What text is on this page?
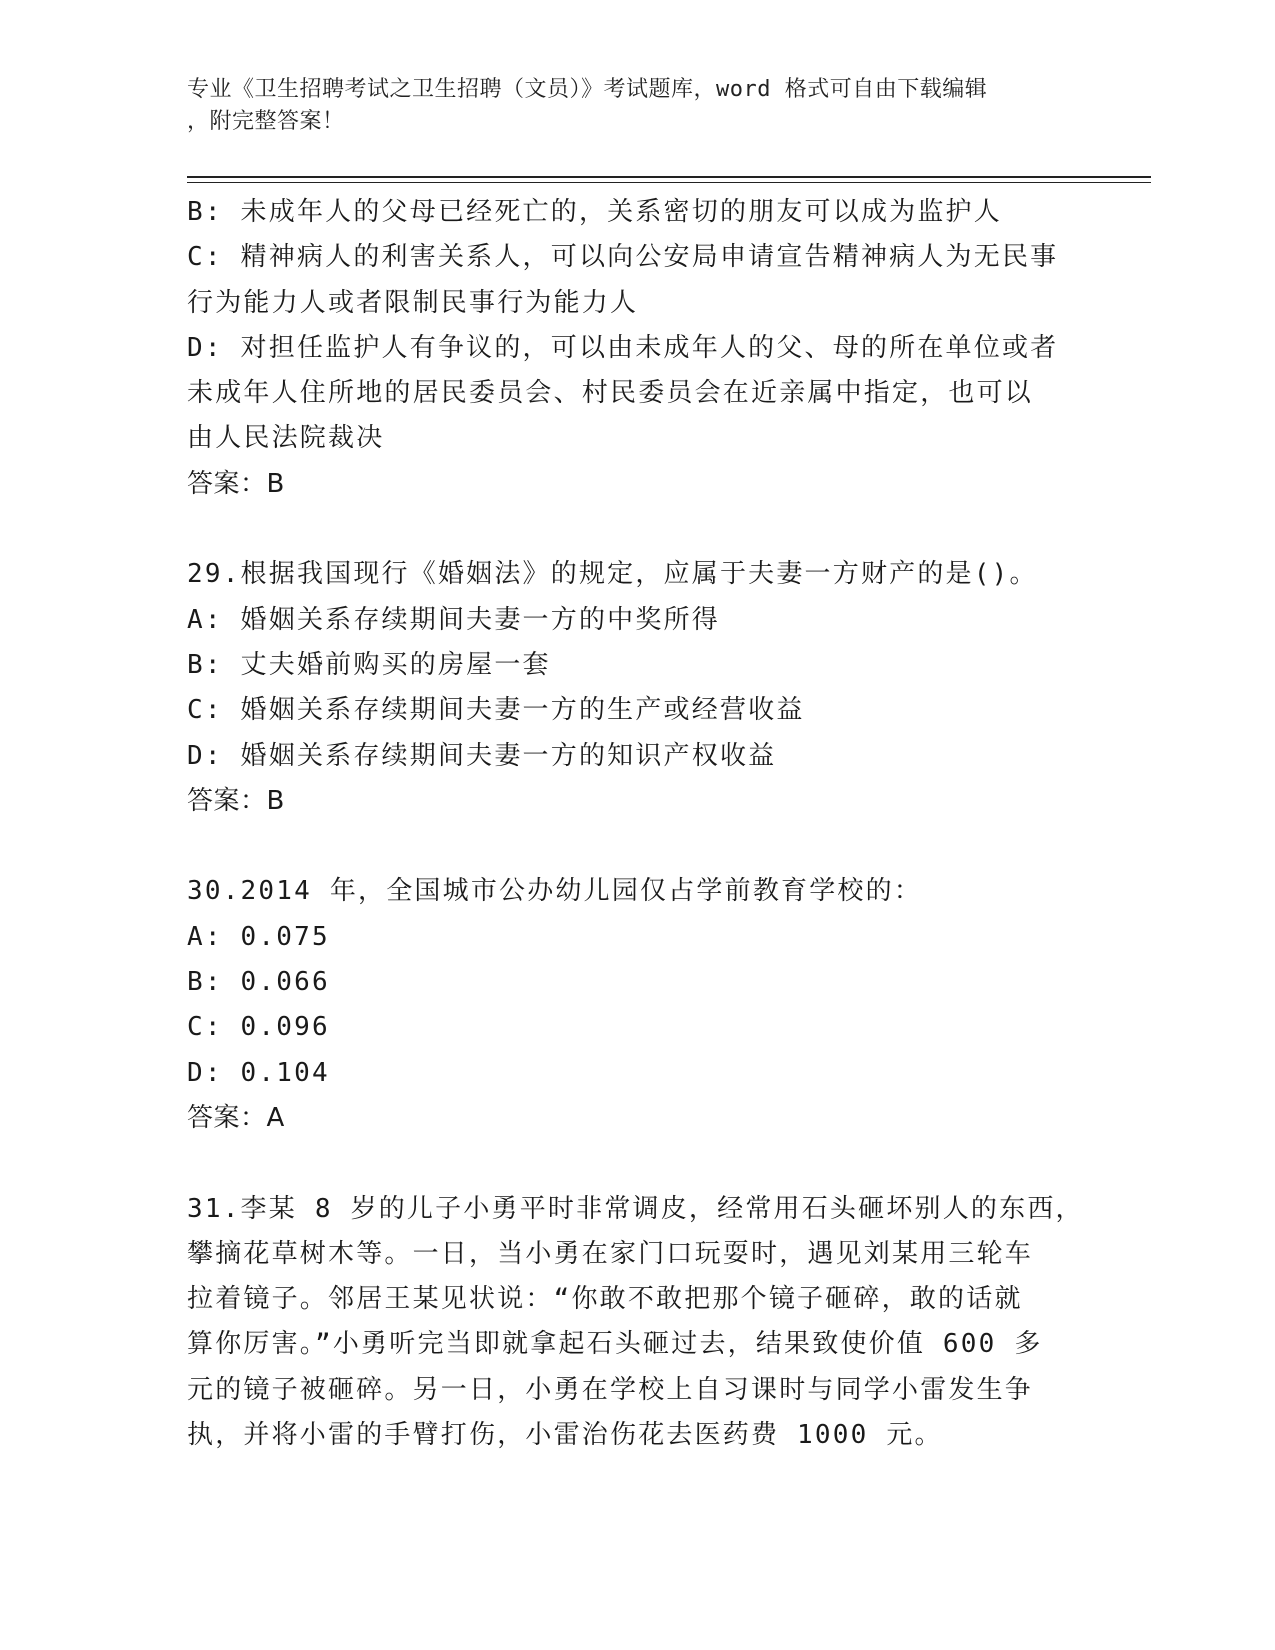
专业《卫生招聘考试之卫生招聘（文员）》考试题库，word 格式可自由下载编辑
，附完整答案！
B: 未成年人的父母已经死亡的，关系密切的朋友可以成为监护人
C: 精神病人的利害关系人，可以向公安局申请宣告精神病人为无民事
行为能力人或者限制民事行为能力人
D: 对担任监护人有争议的，可以由未成年人的父、母的所在单位或者
未成年人住所地的居民委员会、村民委员会在近亲属中指定，也可以
由人民法院裁决
答案：B
29.根据我国现行《婚姻法》的规定，应属于夫妻一方财产的是()。
A: 婚姻关系存续期间夫妻一方的中奖所得
B: 丈夫婚前购买的房屋一套
C: 婚姻关系存续期间夫妻一方的生产或经营收益
D: 婚姻关系存续期间夫妻一方的知识产权收益
答案：B
30.2014 年，全国城市公办幼儿园仅占学前教育学校的：
A: 0.075
B: 0.066
C: 0.096
D: 0.104
答案：A
31.李某 8 岁的儿子小勇平时非常调皮，经常用石头砸坏别人的东西，
攀摘花草树木等。一日，当小勇在家门口玩耍时，遇见刘某用三轮车
拉着镜子。邻居王某见状说：“你敢不敢把那个镜子砸碎，敢的话就
算你厉害。”小勇听完当即就拿起石头砸过去，结果致使价值 600 多
元的镜子被砸碎。另一日，小勇在学校上自习课时与同学小雷发生争
执，并将小雷的手臂打伤，小雷治伤花去医药费 1000 元。
